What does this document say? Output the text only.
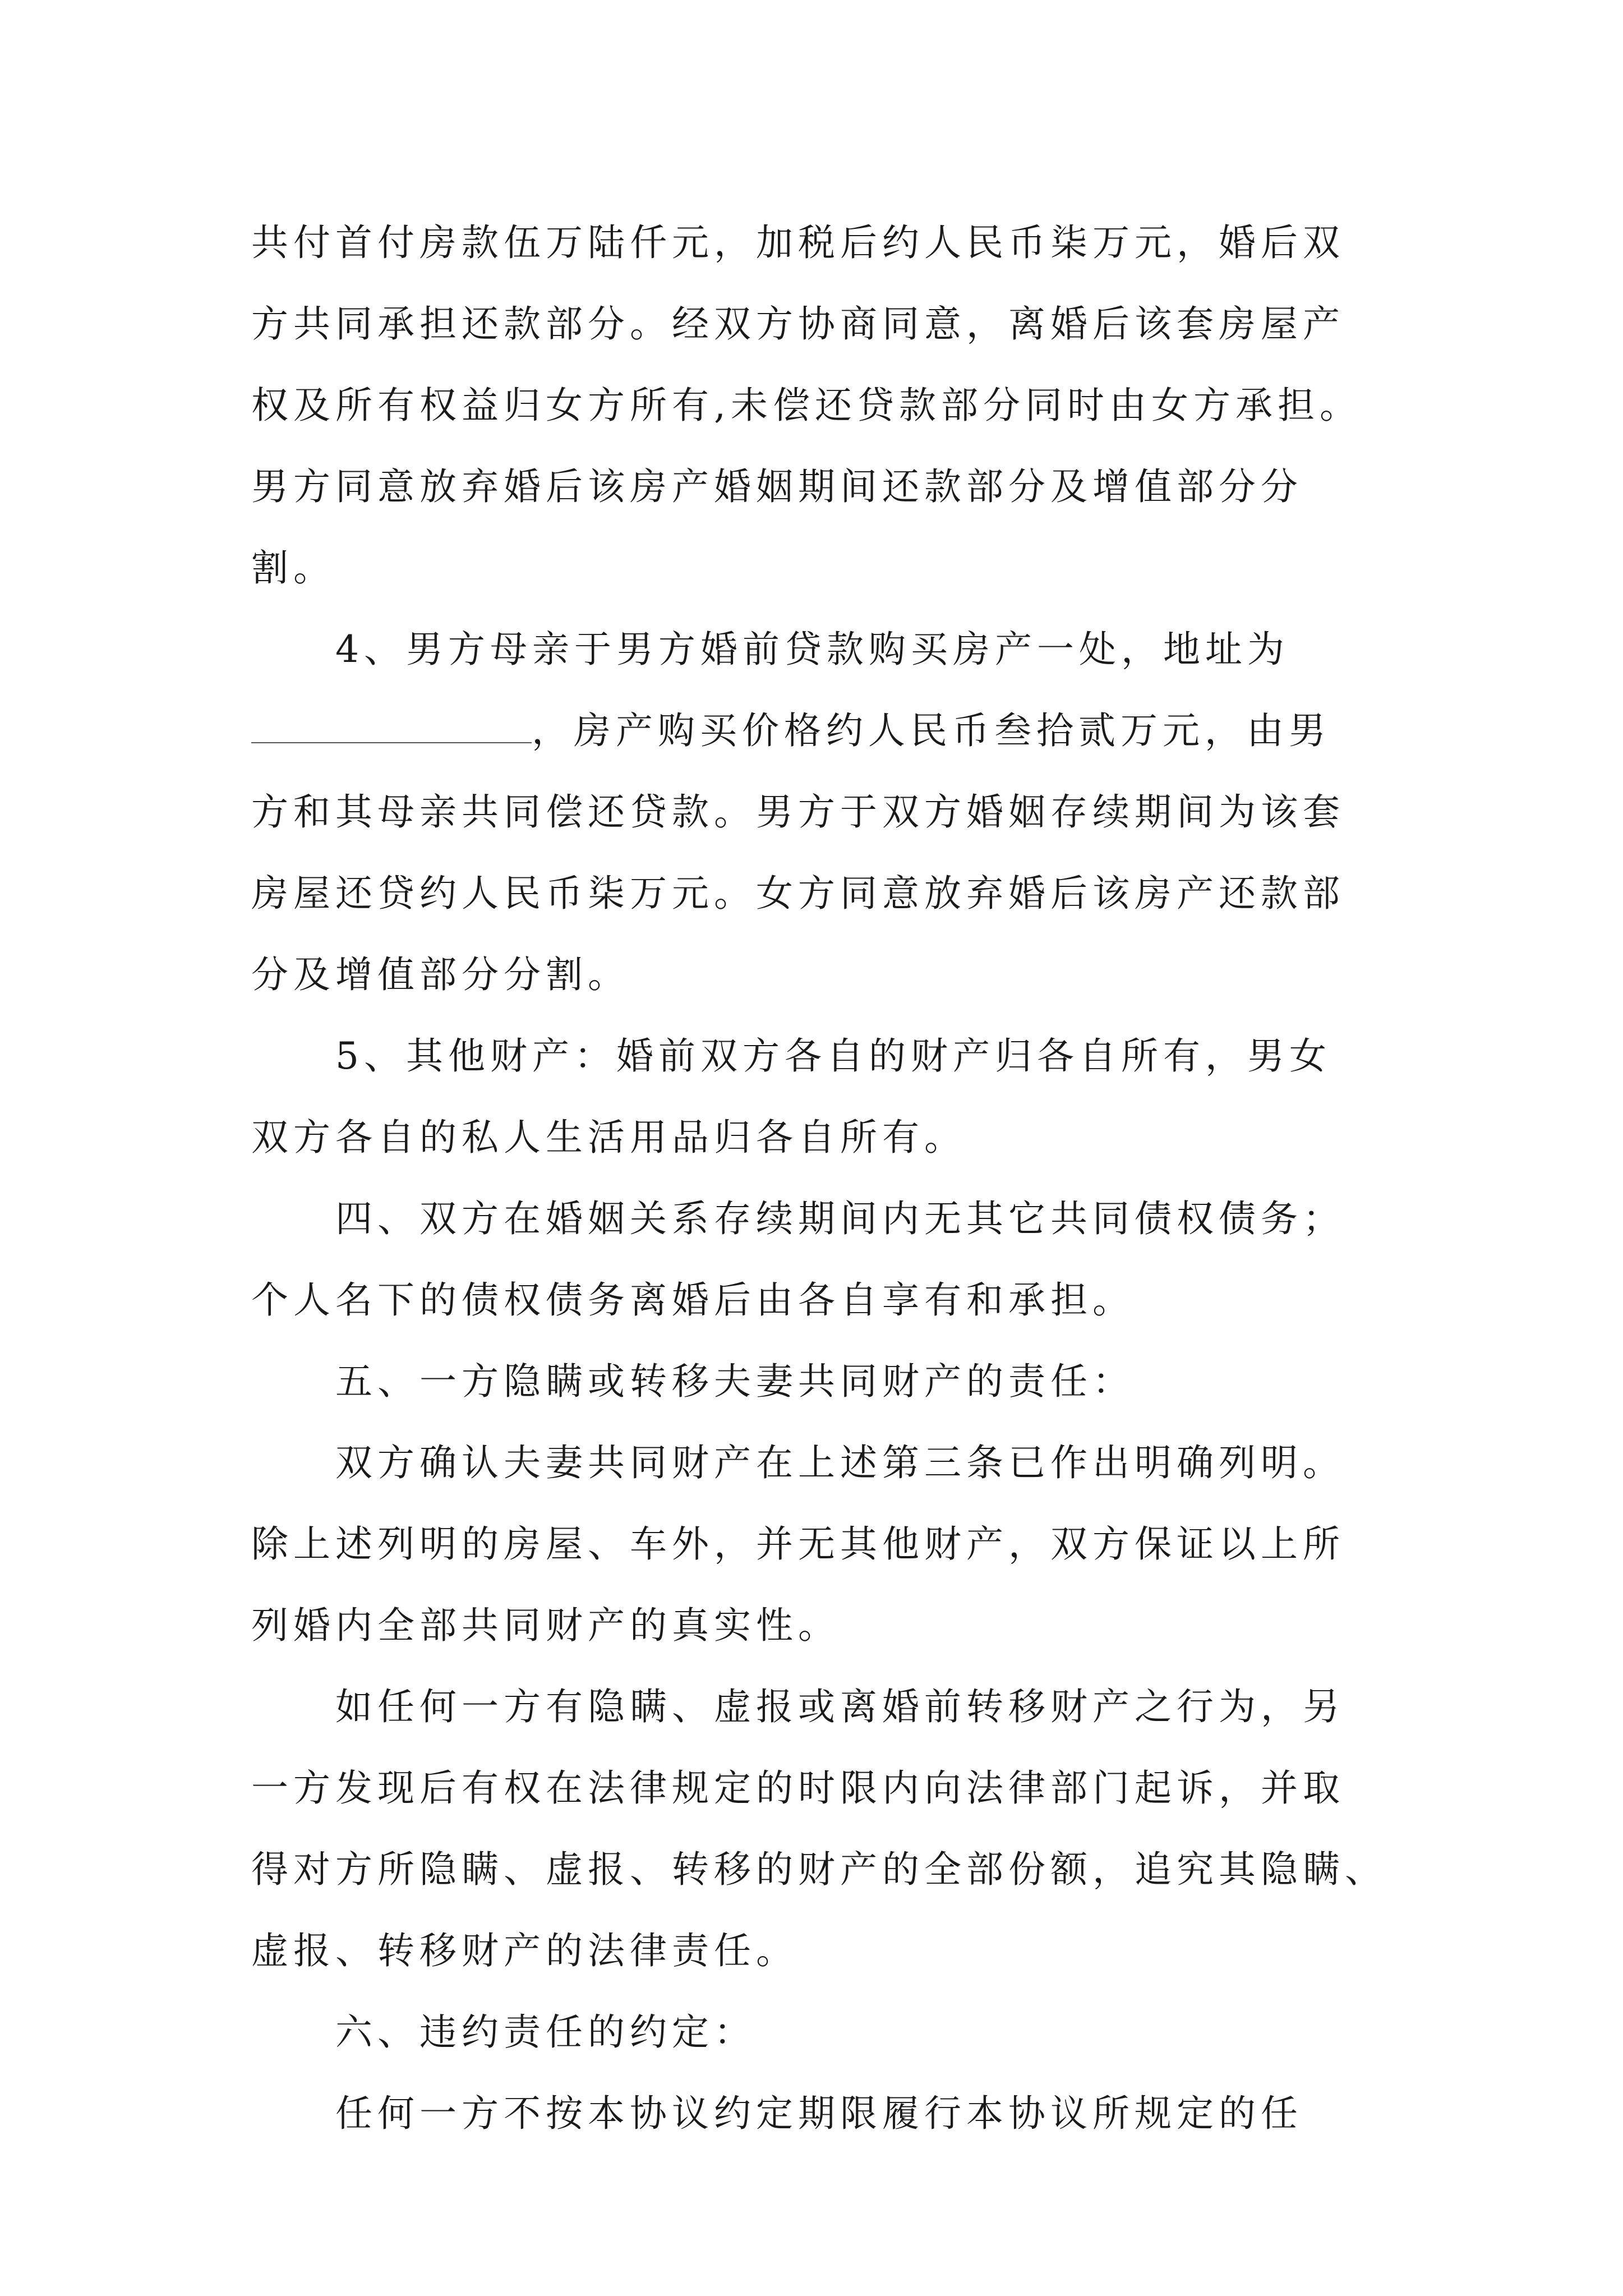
共付首付房款伍万陆仟元，加税后约人民币柒万元，婚后双
方共同承担还款部分。经双方协商同意，离婚后该套房屋产
权及所有权益归女方所有,未偿还贷款部分同时由女方承担。
男方同意放弃婚后该房产婚姻期间还款部分及增值部分分
割。
4、男方母亲于男方婚前贷款购买房产一处，地址为
，房产购买价格约人民币叁拾贰万元，由男
方和其母亲共同偿还贷款。男方于双方婚姻存续期间为该套
房屋还贷约人民币柒万元。女方同意放弃婚后该房产还款部
分及增值部分分割。
5、其他财产：婚前双方各自的财产归各自所有，男女
双方各自的私人生活用品归各自所有。
四、双方在婚姻关系存续期间内无其它共同债权债务；
个人名下的债权债务离婚后由各自享有和承担。
五、一方隐瞒或转移夫妻共同财产的责任：
双方确认夫妻共同财产在上述第三条已作出明确列明。
除上述列明的房屋、车外，并无其他财产，双方保证以上所
列婚内全部共同财产的真实性。
如任何一方有隐瞒、虚报或离婚前转移财产之行为，另
一方发现后有权在法律规定的时限内向法律部门起诉，并取
得对方所隐瞒、虚报、转移的财产的全部份额，追究其隐瞒、
虚报、转移财产的法律责任。
六、违约责任的约定：
任何一方不按本协议约定期限履行本协议所规定的任
